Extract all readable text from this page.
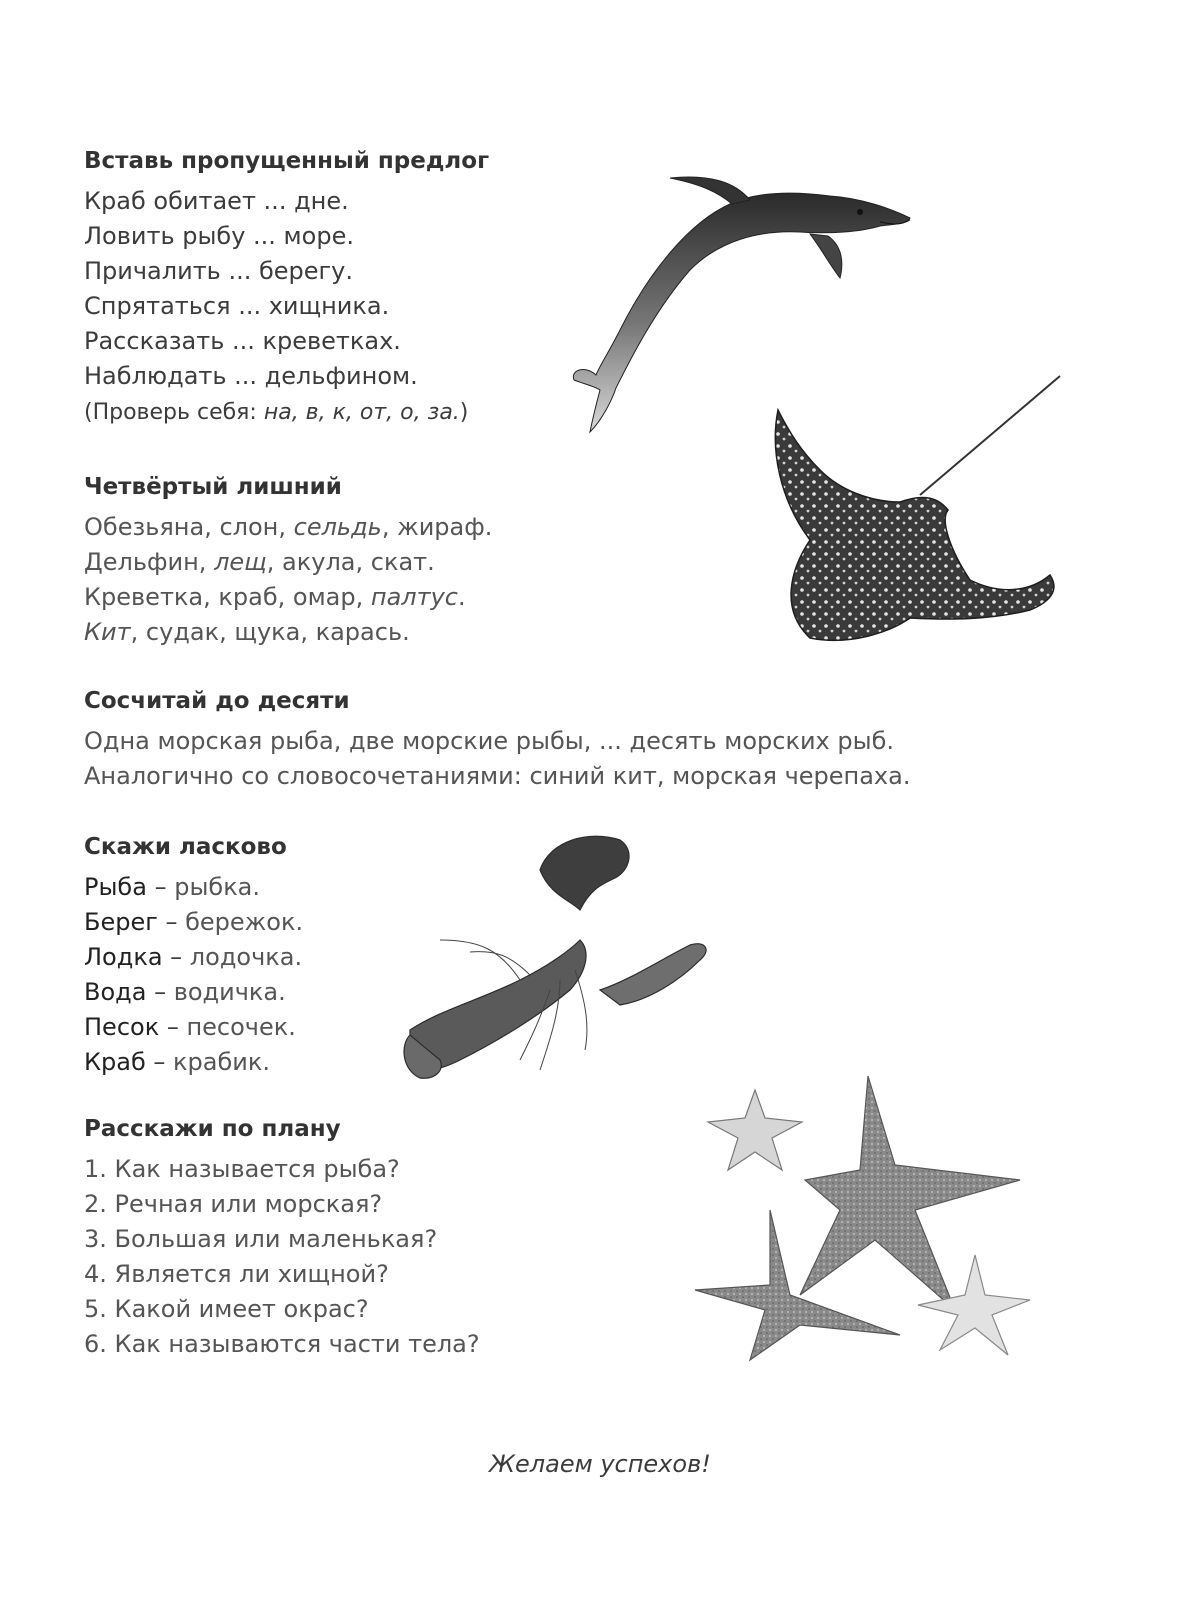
Вставь пропущенный предлог
Краб обитает ... дне.
Ловить рыбу ... море.
Причалить ... берегу.
Спрятаться ... хищника.
Рассказать ... креветках.
Наблюдать ... дельфином.
(Проверь себя: на, в, к, от, о, за.)
Четвёртый лишний
Обезьяна, слон, сельдь, жираф.
Дельфин, лещ, акула, скат.
Креветка, краб, омар, палтус.
Кит, судак, щука, карась.
Сосчитай до десяти
Одна морская рыба, две морские рыбы, ... десять морских рыб.
Аналогично со словосочетаниями: синий кит, морская черепаха.
Скажи ласково
Рыба – рыбка.
Берег – бережок.
Лодка – лодочка.
Вода – водичка.
Песок – песочек.
Краб – крабик.
Расскажи по плану
1. Как называется рыба?
2. Речная или морская?
3. Большая или маленькая?
4. Является ли хищной?
5. Какой имеет окрас?
6. Как называются части тела?
Желаем успехов!
